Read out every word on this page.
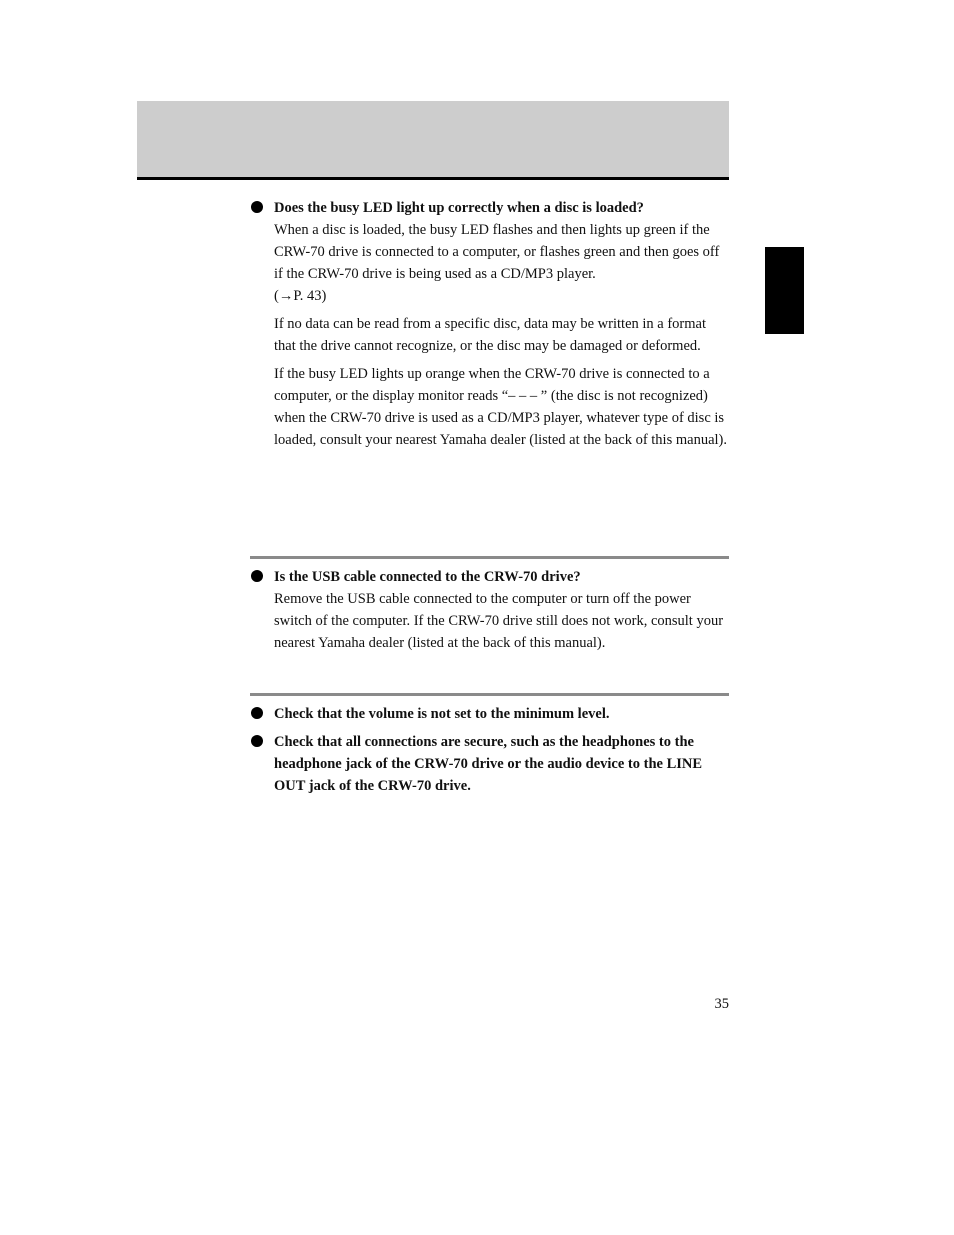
Does the busy LED light up correctly when a disc is loaded?

When a disc is loaded, the busy LED flashes and then lights up green if the CRW-70 drive is connected to a computer, or flashes green and then goes off if the CRW-70 drive is being used as a CD/MP3 player.

(→P. 43)

If no data can be read from a specific disc, data may be written in a format that the drive cannot recognize, or the disc may be damaged or deformed.

If the busy LED lights up orange when the CRW-70 drive is connected to a computer, or the display monitor reads “– – – ” (the disc is not recognized) when the CRW-70 drive is used as a CD/MP3 player, whatever type of disc is loaded, consult your nearest Yamaha dealer (listed at the back of this manual).

Is the USB cable connected to the CRW-70 drive?

Remove the USB cable connected to the computer or turn off the power switch of the computer. If the CRW-70 drive still does not work, consult your nearest Yamaha dealer (listed at the back of this manual).

Check that the volume is not set to the minimum level.
Check that all connections are secure, such as the headphones to the headphone jack of the CRW-70 drive or the audio device to the LINE OUT jack of the CRW-70 drive.
35
